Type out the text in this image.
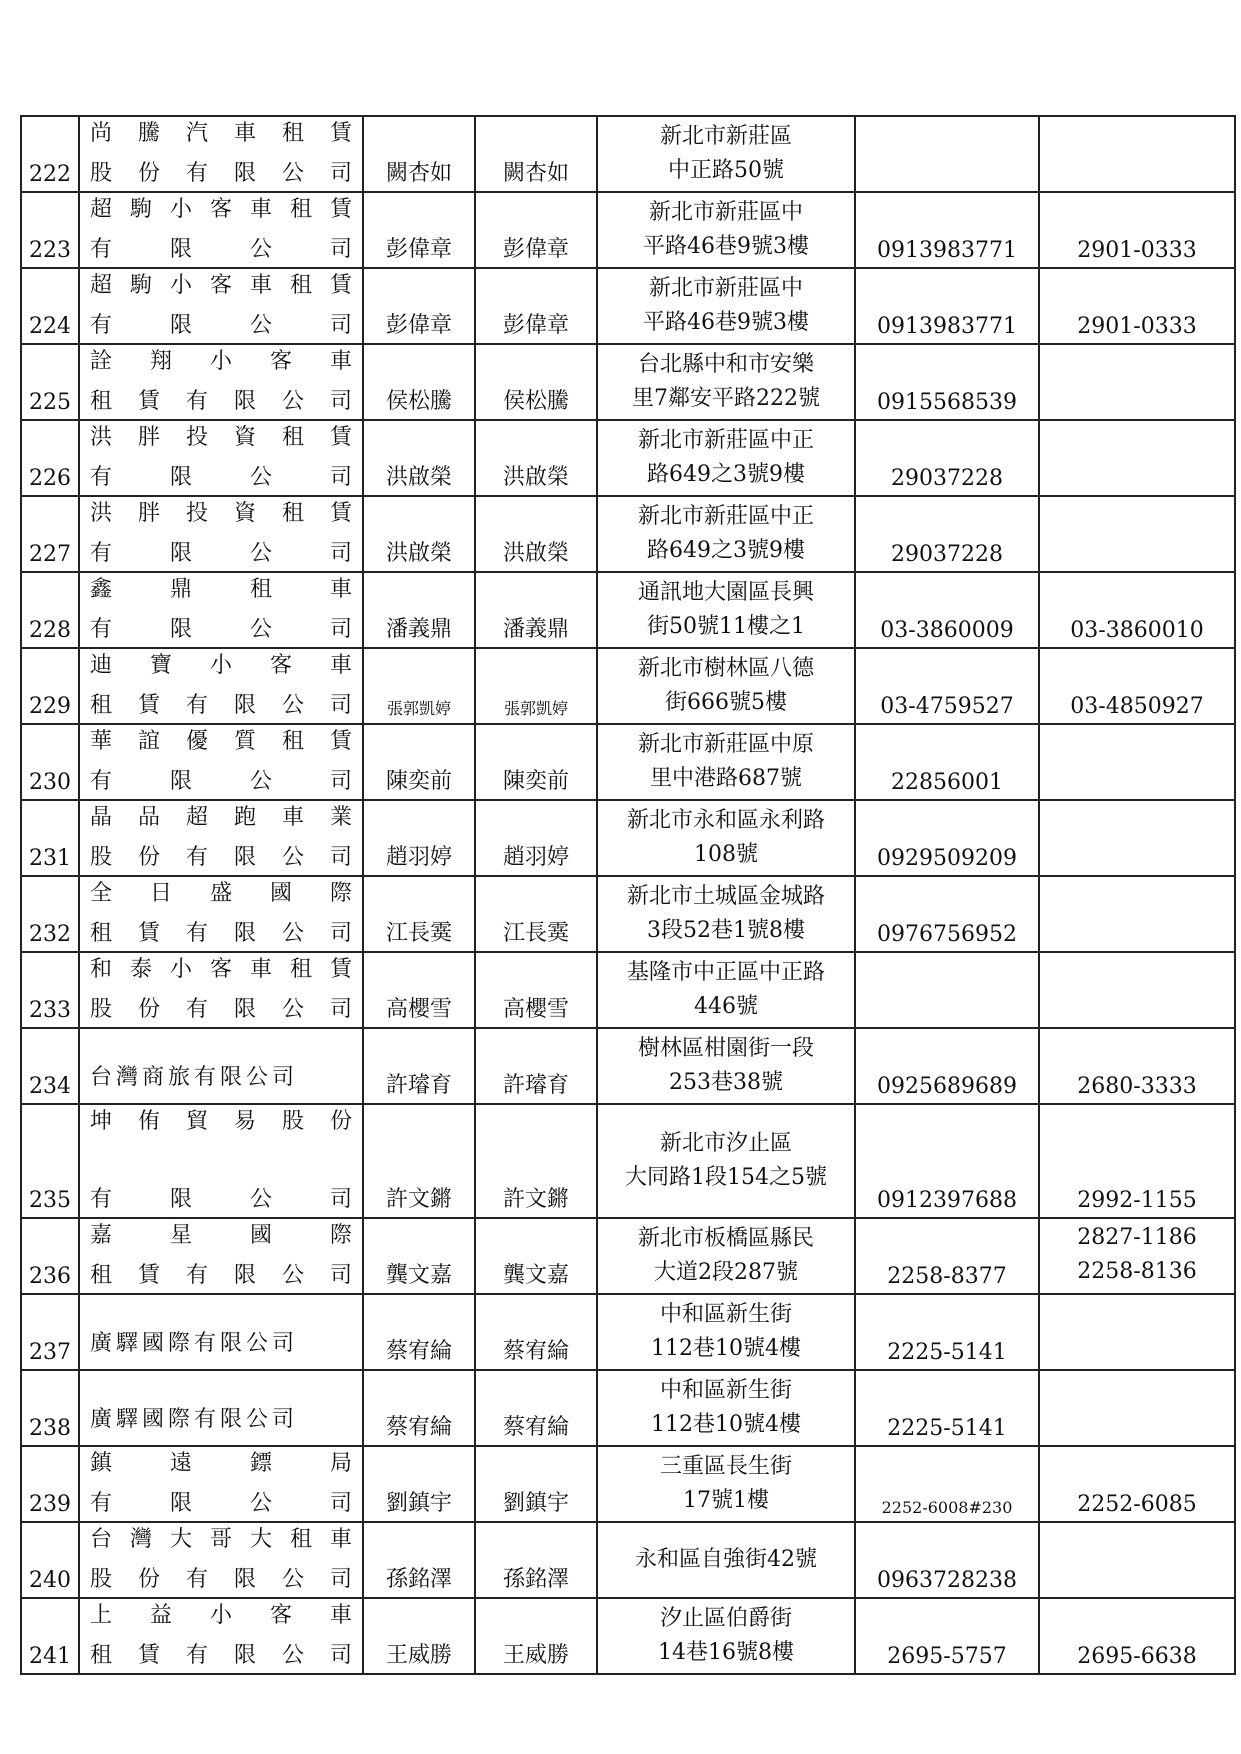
222	尚騰汽車租賃
股份有限公司	闕杏如	闕杏如	新北市新莊區
中正路50號		

223	超駒小客車租賃
有限公司	彭偉章	彭偉章	新北市新莊區中
平路46巷9號3樓	0913983771	2901-0333
224	超駒小客車租賃
有限公司	彭偉章	彭偉章	新北市新莊區中
平路46巷9號3樓	0913983771	2901-0333
225	詮翔小客車
租賃有限公司	侯松騰	侯松騰	台北縣中和市安樂
里7鄰安平路222號	0915568539	
226	洪胖投資租賃
有限公司	洪啟榮	洪啟榮	新北市新莊區中正
路649之3號9樓	29037228	
227	洪胖投資租賃
有限公司	洪啟榮	洪啟榮	新北市新莊區中正
路649之3號9樓	29037228	
228	鑫鼎租車
有限公司	潘義鼎	潘義鼎	通訊地大園區長興
街50號11樓之1	03-3860009	03-3860010
229	迪寶小客車
租賃有限公司	張郭凱婷	張郭凱婷	新北市樹林區八德
街666號5樓	03-4759527	03-4850927
230	華誼優質租賃
有限公司	陳奕前	陳奕前	新北市新莊區中原
里中港路687號	22856001	
231	晶品超跑車業
股份有限公司	趙羽婷	趙羽婷	新北市永和區永利路
108號	0929509209	
232	全日盛國際
租賃有限公司	江長霙	江長霙	新北市土城區金城路
3段52巷1號8樓	0976756952	
233	和泰小客車租賃
股份有限公司	高櫻雪	高櫻雪	基隆市中正區中正路
446號		

234	台灣商旅有限公司	許璿育	許璿育	樹林區柑園街一段
253巷38號	0925689689	2680-3333
235	坤侑貿易股份
有限公司	許文鏘	許文鏘	新北市汐止區
大同路1段154之5號	0912397688	2992-1155
236	嘉星國際
租賃有限公司	龔文嘉	龔文嘉	新北市板橋區縣民
大道2段287號	2258-8377	2827-1186
2258-8136

237	廣驛國際有限公司	蔡宥綸	蔡宥綸	中和區新生街
112巷10號4樓	2225-5141	
238	廣驛國際有限公司	蔡宥綸	蔡宥綸	中和區新生街
112巷10號4樓	2225-5141	
239	鎮遠鏢局
有限公司	劉鎮宇	劉鎮宇	三重區長生街
17號1樓	2252-6008#230	2252-6085
240	台灣大哥大租車
股份有限公司	孫銘澤	孫銘澤	永和區自強街42號	0963728238	
241	上益小客車
租賃有限公司	王威勝	王威勝	汐止區伯爵街
14巷16號8樓	2695-5757	2695-6638
